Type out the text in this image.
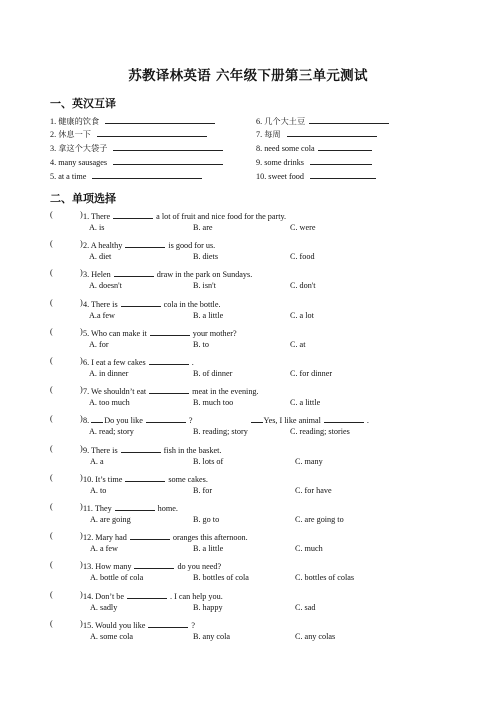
苏教译林英语 六年级下册第三单元测试
一、英汉互译
1. 健康的饮食	6. 几个大土豆
2. 休息一下	7. 每周
3. 拿这个大袋子	8. need some cola
4. many sausages	9. some drinks
5. at a time	10. sweet food
二、单项选择
(	) 1. There	a lot of fruit and nice food for the party.
A. is	B. are	C. were
(	) 2. A healthy	is good for us.
A. diet	B. diets	C. food
(	) 3. Helen	draw in the park on Sundays.
A. doesn't	B. isn't	C. don't
(	) 4. There is	cola in the bottle.
A.a few	B. a little	C. a lot
(	) 5. Who can make it	your mother?
A. for	B. to	C. at
(	) 6. I eat a few cakes	.
A. in dinner	B. of dinner	C. for dinner
(	) 7. We shouldn’t eat	meat in the evening.
A. too much	B. much too	C. a little
(	) 8. Do you like	?	Yes, I like animal	.
A. read; story	B. reading; story	C. reading; stories
(	) 9. There is	fish in the basket.
A. a	B. lots of	C. many
(	) 10. It’s time	some cakes.
A. to	B. for	C. for have
(	) 11. They	home.
A. are going	B. go to	C. are going to
(	) 12. Mary had	oranges this afternoon.
A. a few	B. a little	C. much
(	) 13. How many	do you need?
A. bottle of cola	B. bottles of cola	C. bottles of colas
(	) 14. Don’t be	. I can help you.
A. sadly	B. happy	C. sad
(	) 15. Would you like	?
A. some cola	B. any cola	C. any colas
